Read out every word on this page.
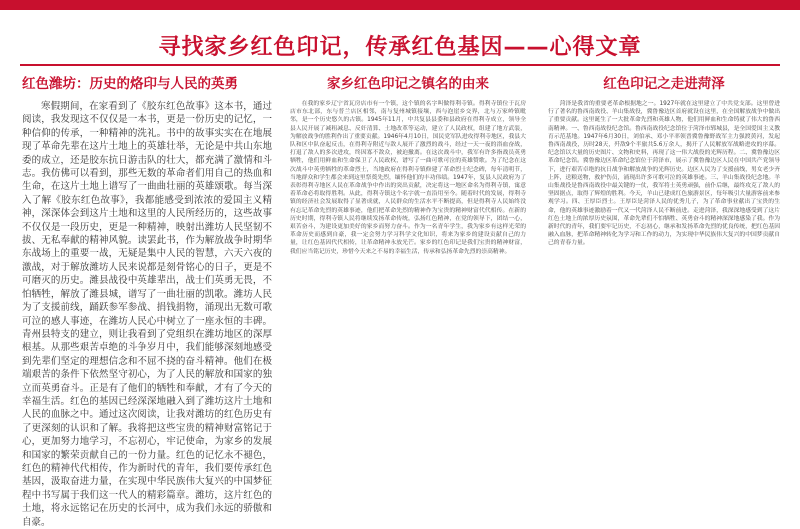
寻找家乡红色印记，传承红色基因——心得文章
红色潍坊：历史的烙印与人民的英勇

寒假期间，在家看到了《胶东红色故事》这本书，通过阅读，我发现这不仅仅是一本书，更是一份历史的记忆，一种信仰的传承，一种精神的洗礼。书中的故事实实在在地展现了革命先辈在这片土地上的英雄壮举，无论是中共山东地委的成立，还是胶东抗日游击队的壮大，都充满了激情和斗志。我仿佛可以看到，那些无数的革命者们用自己的热血和生命，在这片土地上谱写了一曲曲壮丽的英雄颂歌。每当深入了解《胶东红色故事》，我都能感受到浓浓的爱国主义精神，深深体会到这片土地和这里的人民所经历的，这些故事不仅仅是一段历史，更是一种精神，映射出潍坊人民坚韧不拔、无私奉献的精神风貌。读罢此书，作为解放战争时期华东战场上的重要一战，无疑是集中人民的智慧，六天六夜的激战，对于解放潍坊人民来说都是刻骨铭心的日子，更是不可磨灭的历史。潍县战役中英雄辈出，战士们英勇无畏，不怕牺牲，解放了潍县城，谱写了一曲壮丽的凯歌。潍坊人民为了支援前线，踊跃参军参战、捐钱捐物，涌现出无数可歌可泣的感人事迹，在潍坊人民心中树立了一座永恒的丰碑。青州县特支的建立，则让我看到了党组织在潍坊地区的深厚根基。从那些艰苦卓绝的斗争岁月中，我们能够深刻地感受到先辈们坚定的理想信念和不屈不挠的奋斗精神。他们在极端艰苦的条件下依然坚守初心，为了人民的解放和国家的独立而英勇奋斗。正是有了他们的牺牲和奉献，才有了今天的幸福生活。红色的基因已经深深地融入到了潍坊这片土地和人民的血脉之中。通过这次阅读，让我对潍坊的红色历史有了更深刻的认识和了解。我将把这些宝贵的精神财富铭记于心，更加努力地学习，不忘初心，牢记使命，为家乡的发展和国家的繁荣贡献自己的一份力量。红色的记忆永不褪色，红色的精神代代相传，作为新时代的青年，我们要传承红色基因，汲取奋进力量，在实现中华民族伟大复兴的中国梦征程中书写属于我们这一代人的精彩篇章。潍坊，这片红色的土地，将永远铭记在历史的长河中，成为我们永远的骄傲和自豪。

家乡红色印记之镇名的由来

在我的家乡辽宁省瓦房店市有一个镇，这个镇的名字叫做得利寺镇。得利寺镇位于瓦房店市东北部，东与普兰店区相邻，南与复州城镇接壤，西与泡崖乡交界，北与万家岭镇毗邻，是一个历史悠久的古镇。1945年11月，中共复县县委和县政府在得利寺成立，领导全县人民开展了减租减息、反奸清算、土地改革等运动，建立了人民政权，组建了地方武装，为解放战争的胜利作出了重要贡献。1946年4月10日，国民党军队进攻得利寺地区，我县大队和区中队奋起反击，在得利寺附近与敌人展开了激烈的战斗，经过一天一夜的浴血奋战，打退了敌人的多次进攻，终因寡不敌众，被迫撤离。在这次战斗中，我军有许多指战员英勇牺牲，他们用鲜血和生命保卫了人民政权，谱写了一曲可歌可泣的英雄赞歌。为了纪念在这次战斗中英勇牺牲的革命烈士，当地政府在得利寺镇修建了革命烈士纪念碑，每年清明节，当地群众和学生都会来到这里祭奠先烈，缅怀他们的丰功伟绩。1947年，复县人民政府为了表彰得利寺地区人民在革命战争中作出的突出贡献，决定将这一地区命名为得利寺镇，寓意着革命必将取得胜利。从此，得利寺镇这个名字就一直沿用至今。随着时代的发展，得利寺镇的经济社会发展取得了显著成就，人民群众的生活水平不断提高，但是得利寺人民始终没有忘记革命先烈的英雄事迹，他们把革命先烈的精神作为宝贵的精神财富代代相传。在新的历史时期，得利寺镇人民将继续发扬革命传统，弘扬红色精神，在党的领导下，团结一心，艰苦奋斗，为建设更加美好的家乡而努力奋斗。作为一名青年学生，我为家乡有这样光荣的革命历史而感到自豪，我一定会努力学习科学文化知识，将来为家乡的建设贡献自己的力量，让红色基因代代相传，让革命精神永放光芒。家乡的红色印记是我们宝贵的精神财富，我们应当铭记历史，珍惜今天来之不易的幸福生活，传承和弘扬革命先烈的崇高精神。

红色印记之走进菏泽

菏泽是我省的重要老革命根据地之一。1927年就在这里建立了中共党支部。这里曾进行了著名的鲁西南战役、羊山集战役，冀鲁豫边区首府就设在这里，在全国解放战争中做出了重要贡献。这里诞生了一大批革命先烈和英雄人物，他们用鲜血和生命铸就了伟大的鲁西南精神。一、鲁西南战役纪念馆。鲁西南战役纪念馆位于菏泽市郓城县，是全国爱国主义教育示范基地。1947年6月30日，刘伯承、邓小平率领晋冀鲁豫野战军主力强渡黄河，发起鲁西南战役，历时28天，歼敌9个半旅共5.6万余人，揭开了人民解放军战略进攻的序幕。纪念馆以大量的历史图片、文物和史料，再现了这一伟大战役的光辉历程。二、冀鲁豫边区革命纪念馆。冀鲁豫边区革命纪念馆位于菏泽市，展示了冀鲁豫边区人民在中国共产党领导下，进行艰苦卓绝的抗日战争和解放战争的光辉历史。边区人民为了支援前线，男女老少齐上阵，送粮送物，救护伤员，涌现出许多可歌可泣的英雄事迹。三、羊山集战役纪念地。羊山集战役是鲁西南战役中最关键的一仗，我军将士英勇顽强，前仆后继，最终攻克了敌人的坚固据点，取得了辉煌的胜利。今天，羊山已建成红色旅游景区，每年吸引大量游客前来参观学习。四、王厚臣烈士。王厚臣是菏泽人民的优秀儿子，为了革命事业献出了宝贵的生命，他的英雄事迹激励着一代又一代菏泽人民不断前进。走进菏泽，我深深地感受到了这片红色土地上的浓厚历史氛围，革命先辈们不怕牺牲、英勇奋斗的精神深深地感染了我。作为新时代的青年，我们要牢记历史，不忘初心，继承和发扬革命先烈的优良传统，把红色基因融入血脉，把革命精神转化为学习和工作的动力，为实现中华民族伟大复兴的中国梦贡献自己的青春力量。
